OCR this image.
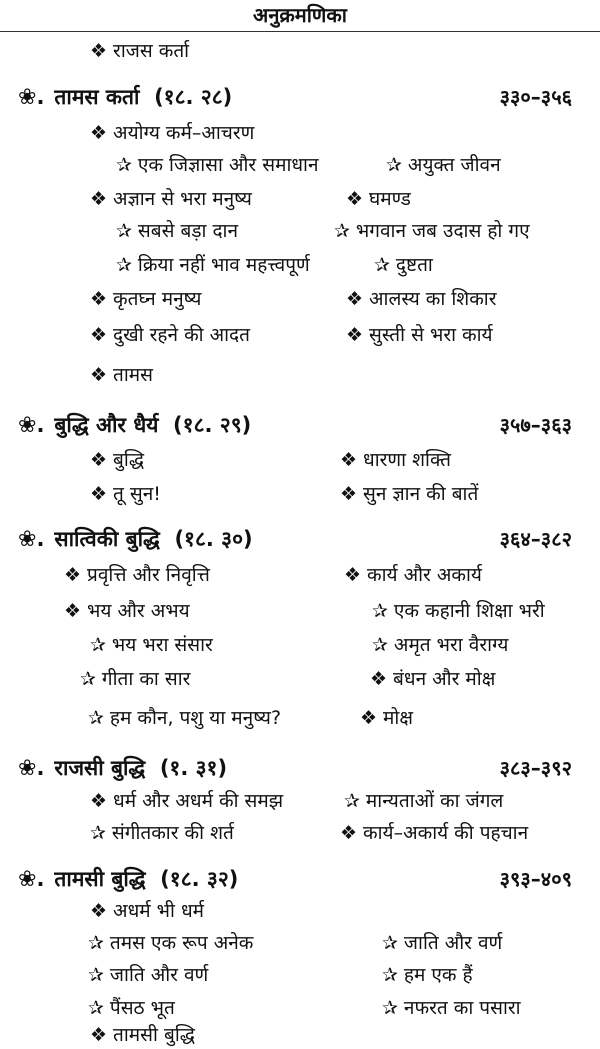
अनुक्रमणिका
❖ राजस कर्ता
❀. तामस कर्ता (१८. २८)	३३०–३५६
❖ अयोग्य कर्म–आचरण
✰ एक जिज्ञासा और समाधान	✰ अयुक्त जीवन
❖ अज्ञान से भरा मनुष्य	❖ घमण्ड
✰ सबसे बड़ा दान	✰ भगवान जब उदास हो गए
✰ क्रिया नहीं भाव महत्त्वपूर्ण	✰ दुष्टता
❖ कृतघ्न मनुष्य	❖ आलस्य का शिकार
❖ दुखी रहने की आदत	❖ सुस्ती से भरा कार्य
❖ तामस
❀. बुद्धि और धैर्य (१८. २९)	३५७–३६३
❖ बुद्धि	❖ धारणा शक्ति
❖ तू सुन!	❖ सुन ज्ञान की बातें
❀. सात्विकी बुद्धि (१८. ३०)	३६४–३८२
❖ प्रवृत्ति और निवृत्ति	❖ कार्य और अकार्य
❖ भय और अभय	✰ एक कहानी शिक्षा भरी
✰ भय भरा संसार	✰ अमृत भरा वैराग्य
✰ गीता का सार	❖ बंधन और मोक्ष
✰ हम कौन, पशु या मनुष्य?	❖ मोक्ष
❀. राजसी बुद्धि (१. ३१)	३८३–३९२
❖ धर्म और अधर्म की समझ	✰ मान्यताओं का जंगल
✰ संगीतकार की शर्त	❖ कार्य–अकार्य की पहचान
❀. तामसी बुद्धि (१८. ३२)	३९३–४०९
❖ अधर्म भी धर्म
✰ तमस एक रूप अनेक	✰ जाति और वर्ण
✰ जाति और वर्ण	✰ हम एक हैं
✰ पैंसठ भूत	✰ नफरत का पसारा
❖ तामसी बुद्धि
